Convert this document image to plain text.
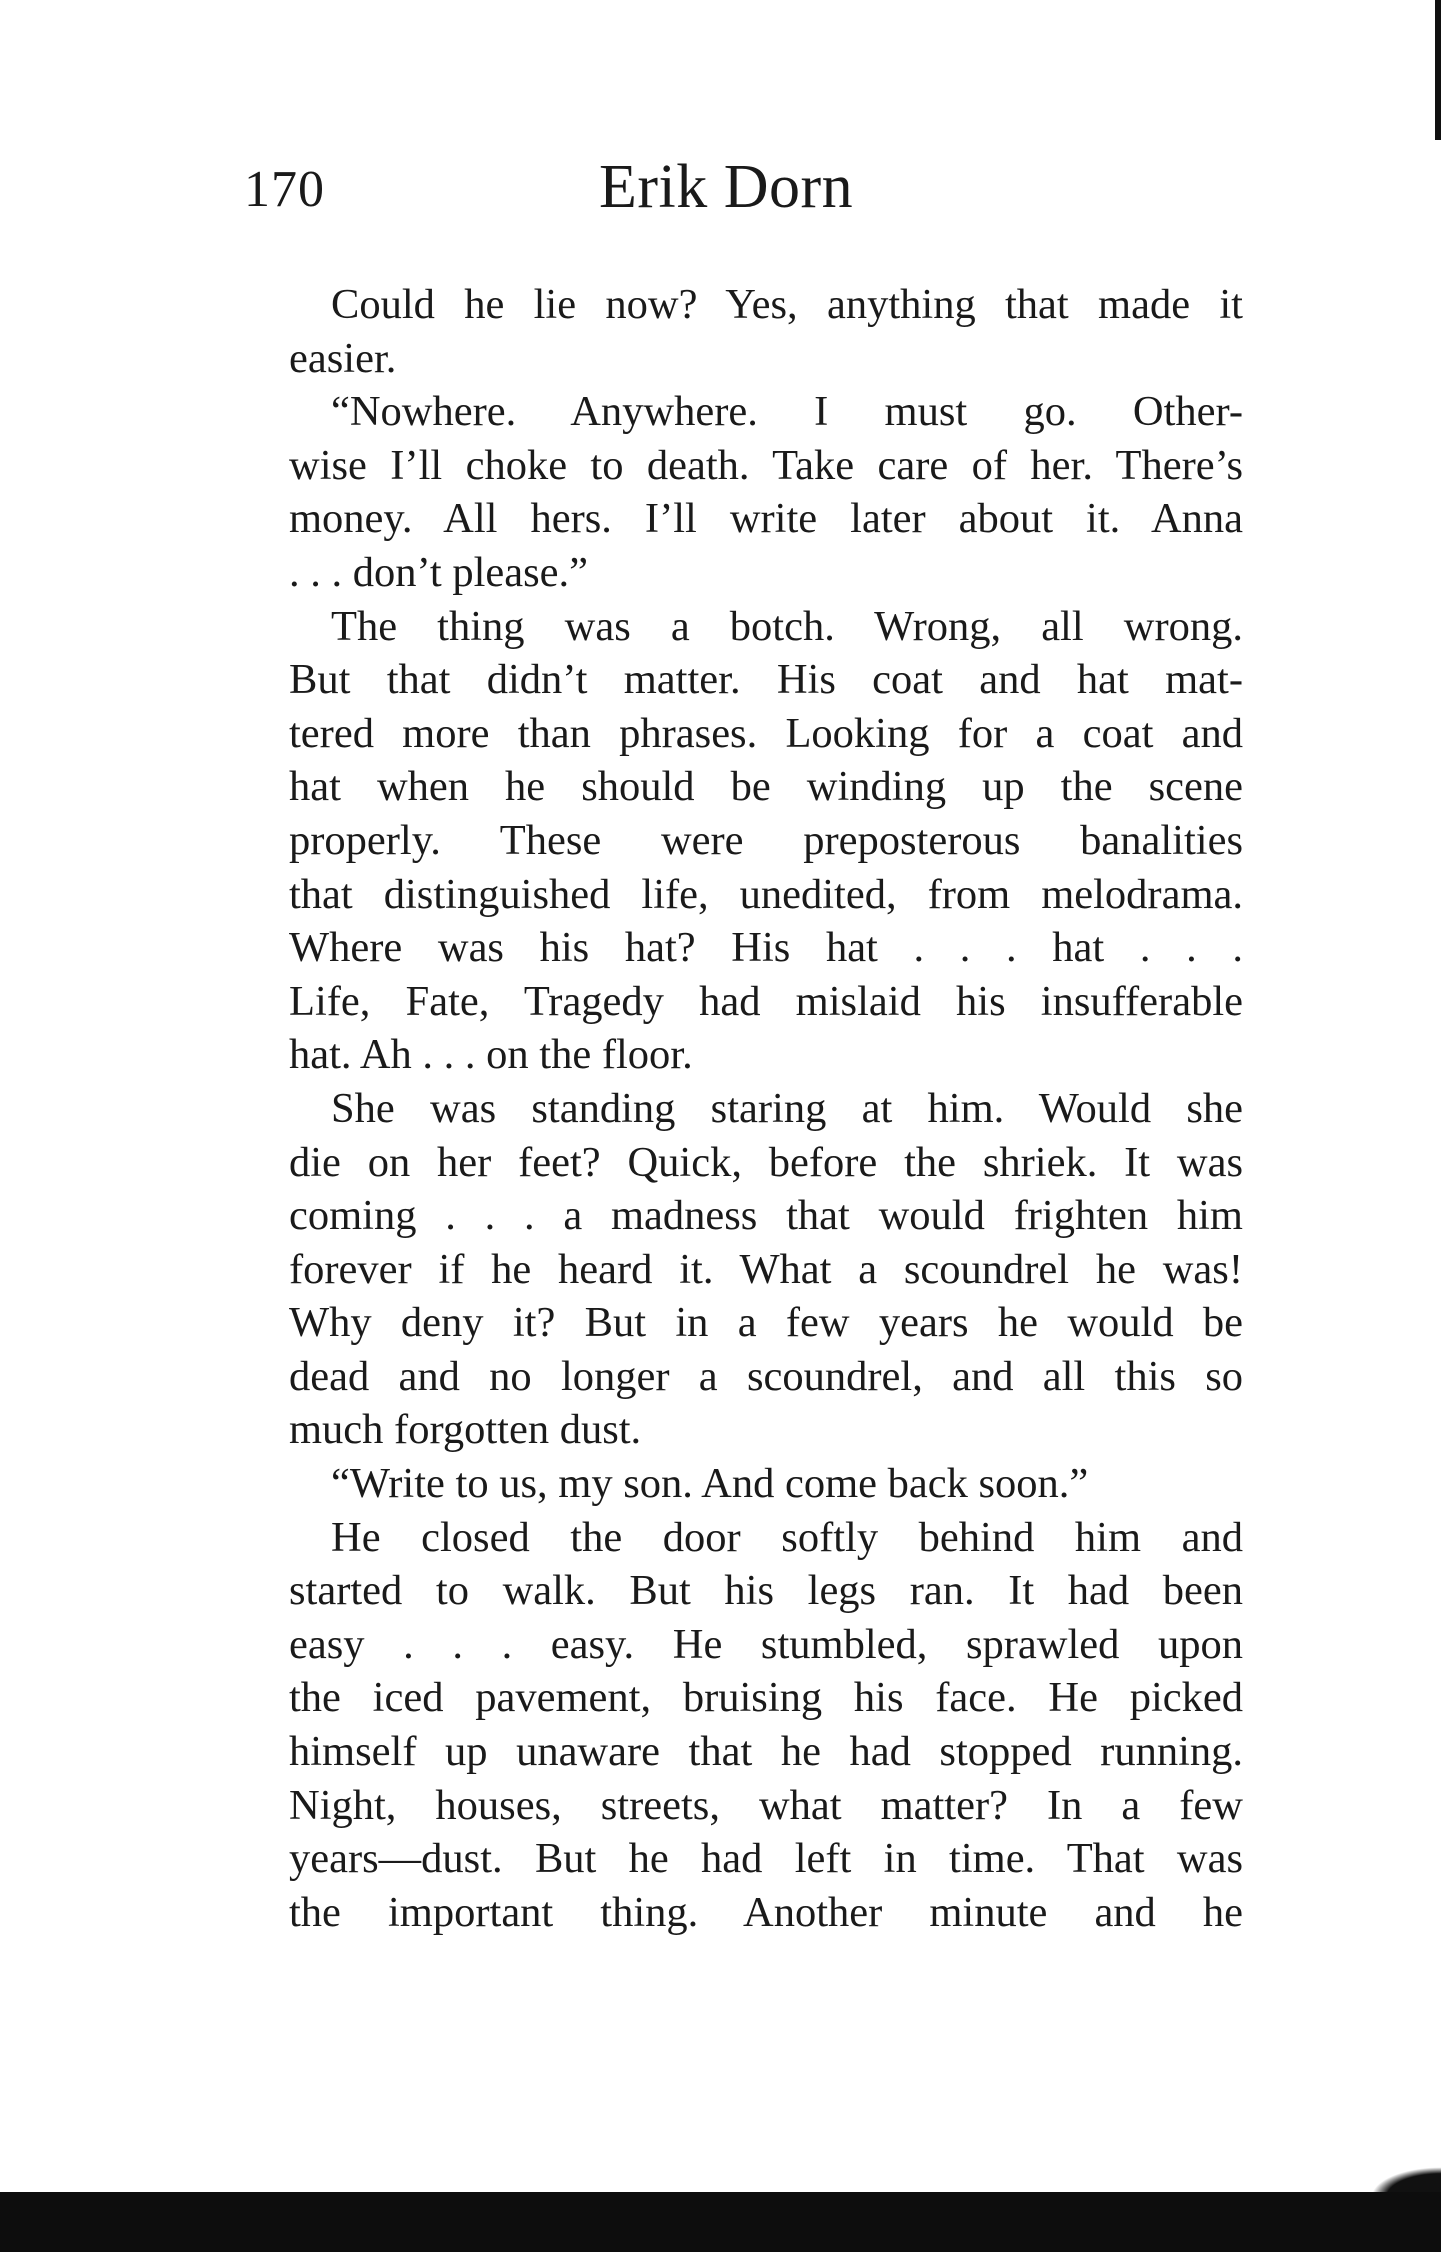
170	Erik Dorn
Could he lie now? Yes, anything that made it
easier.
“Nowhere. Anywhere. I must go. Other-
wise I’ll choke to death. Take care of her. There’s
money. All hers. I’ll write later about it. Anna
. . . don’t please.”
The thing was a botch. Wrong, all wrong.
But that didn’t matter. His coat and hat mat-
tered more than phrases. Looking for a coat and
hat when he should be winding up the scene
properly. These were preposterous banalities
that distinguished life, unedited, from melodrama.
Where was his hat? His hat . . . hat . . .
Life, Fate, Tragedy had mislaid his insufferable
hat. Ah . . . on the floor.
She was standing staring at him. Would she
die on her feet? Quick, before the shriek. It was
coming . . . a madness that would frighten him
forever if he heard it. What a scoundrel he was!
Why deny it? But in a few years he would be
dead and no longer a scoundrel, and all this so
much forgotten dust.
“Write to us, my son. And come back soon.”
He closed the door softly behind him and
started to walk. But his legs ran. It had been
easy . . . easy. He stumbled, sprawled upon
the iced pavement, bruising his face. He picked
himself up unaware that he had stopped running.
Night, houses, streets, what matter? In a few
years—dust. But he had left in time. That was
the important thing. Another minute and he
